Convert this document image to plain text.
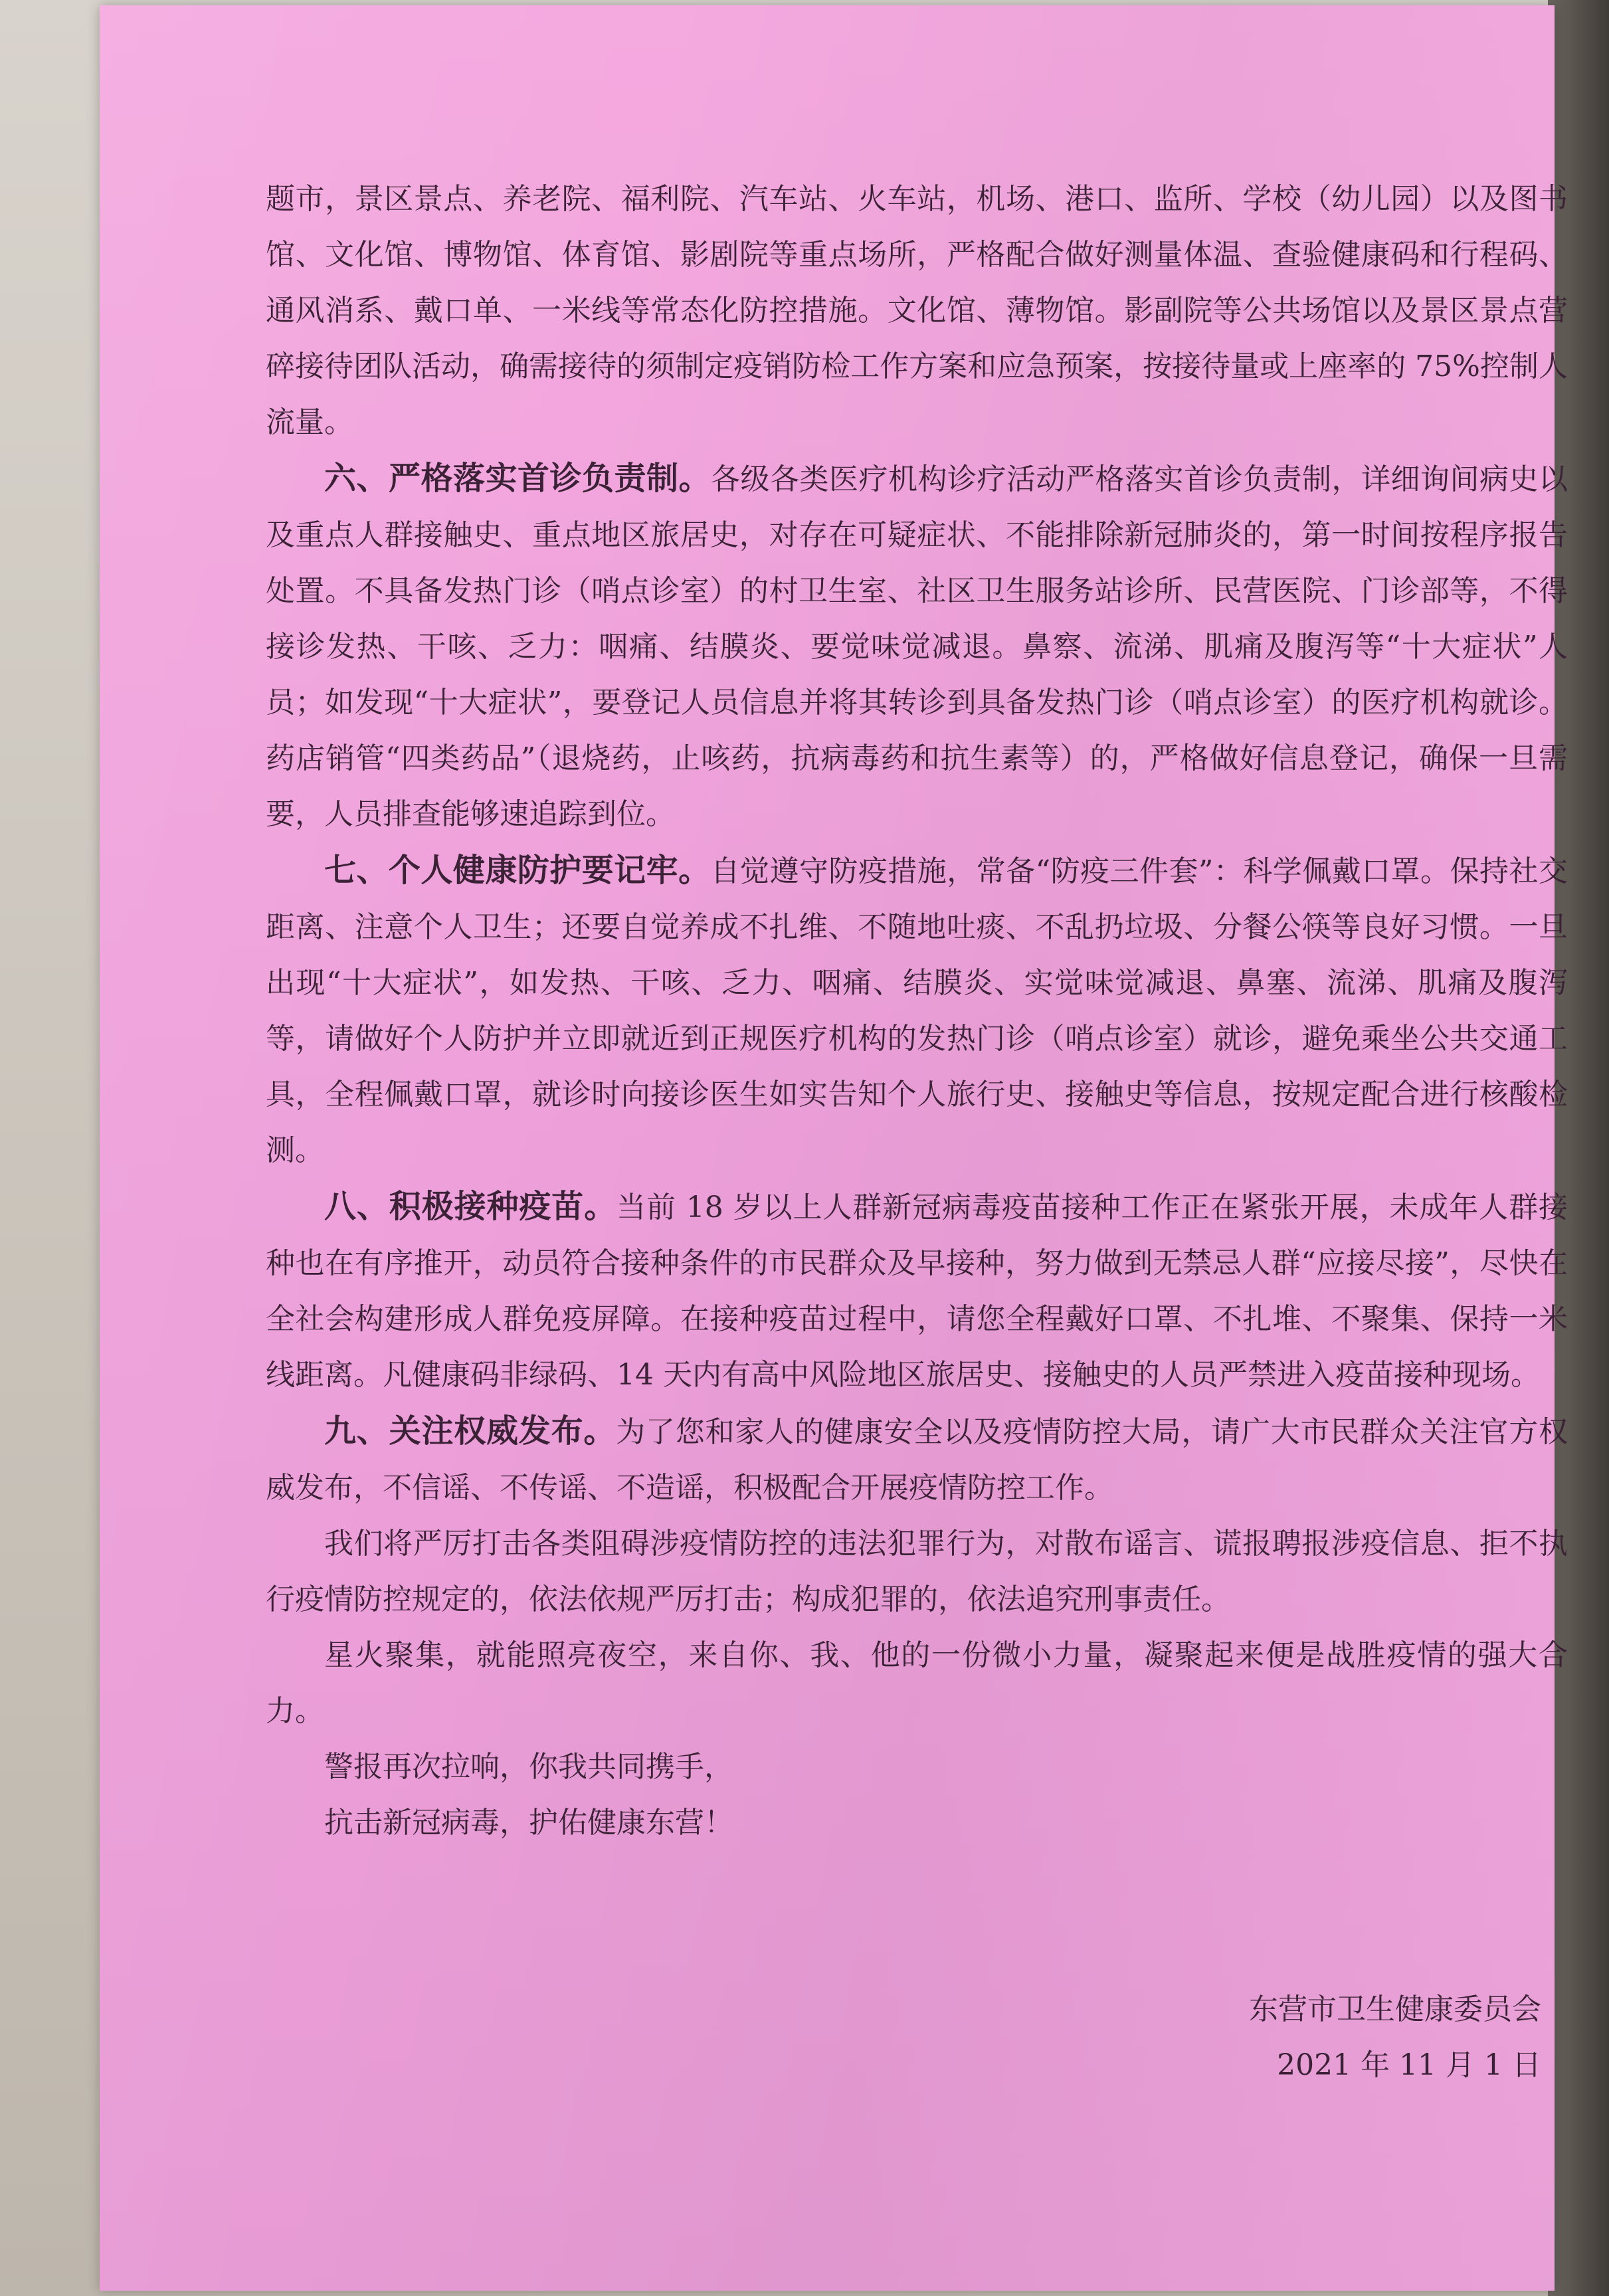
题市，景区景点、养老院、福利院、汽车站、火车站，机场、港口、监所、学校（幼儿园）以及图书馆、文化馆、博物馆、体育馆、影剧院等重点场所，严格配合做好测量体温、查验健康码和行程码、通风消系、戴口单、一米线等常态化防控措施。文化馆、薄物馆。影副院等公共场馆以及景区景点营碎接待团队活动，确需接待的须制定疫销防检工作方案和应急预案，按接待量或上座率的 75%控制人流量。

六、严格落实首诊负责制。各级各类医疗机构诊疗活动严格落实首诊负责制，详细询间病史以及重点人群接触史、重点地区旅居史，对存在可疑症状、不能排除新冠肺炎的，第一时间按程序报告处置。不具备发热门诊（哨点诊室）的村卫生室、社区卫生服务站诊所、民营医院、门诊部等，不得接诊发热、干咳、乏力：咽痛、结膜炎、要觉味觉减退。鼻察、流涕、肌痛及腹泻等“十大症状”人员；如发现“十大症状”，要登记人员信息并将其转诊到具备发热门诊（哨点诊室）的医疗机构就诊。药店销管“四类药品”（退烧药，止咳药，抗病毒药和抗生素等）的，严格做好信息登记，确保一旦需要，人员排查能够速追踪到位。

七、个人健康防护要记牢。自觉遵守防疫措施，常备“防疫三件套”：科学佩戴口罩。保持社交距离、注意个人卫生；还要自觉养成不扎维、不随地吐痰、不乱扔垃圾、分餐公筷等良好习惯。一旦出现“十大症状”，如发热、干咳、乏力、咽痛、结膜炎、实觉味觉减退、鼻塞、流涕、肌痛及腹泻等，请做好个人防护并立即就近到正规医疗机构的发热门诊（哨点诊室）就诊，避免乘坐公共交通工具，全程佩戴口罩，就诊时向接诊医生如实告知个人旅行史、接触史等信息，按规定配合进行核酸检测。

八、积极接种疫苗。当前 18 岁以上人群新冠病毒疫苗接种工作正在紧张开展，未成年人群接种也在有序推开，动员符合接种条件的市民群众及早接种，努力做到无禁忌人群“应接尽接”，尽快在全社会构建形成人群免疫屏障。在接种疫苗过程中，请您全程戴好口罩、不扎堆、不聚集、保持一米线距离。凡健康码非绿码、14 天内有高中风险地区旅居史、接触史的人员严禁进入疫苗接种现场。

九、关注权威发布。为了您和家人的健康安全以及疫情防控大局，请广大市民群众关注官方权威发布，不信谣、不传谣、不造谣，积极配合开展疫情防控工作。

我们将严厉打击各类阻碍涉疫情防控的违法犯罪行为，对散布谣言、谎报聘报涉疫信息、拒不执行疫情防控规定的，依法依规严厉打击；构成犯罪的，依法追究刑事责任。

星火聚集，就能照亮夜空，来自你、我、他的一份微小力量，凝聚起来便是战胜疫情的强大合力。

警报再次拉响，你我共同携手，

抗击新冠病毒，护佑健康东营！

东营市卫生健康委员会
2021 年 11 月 1 日
